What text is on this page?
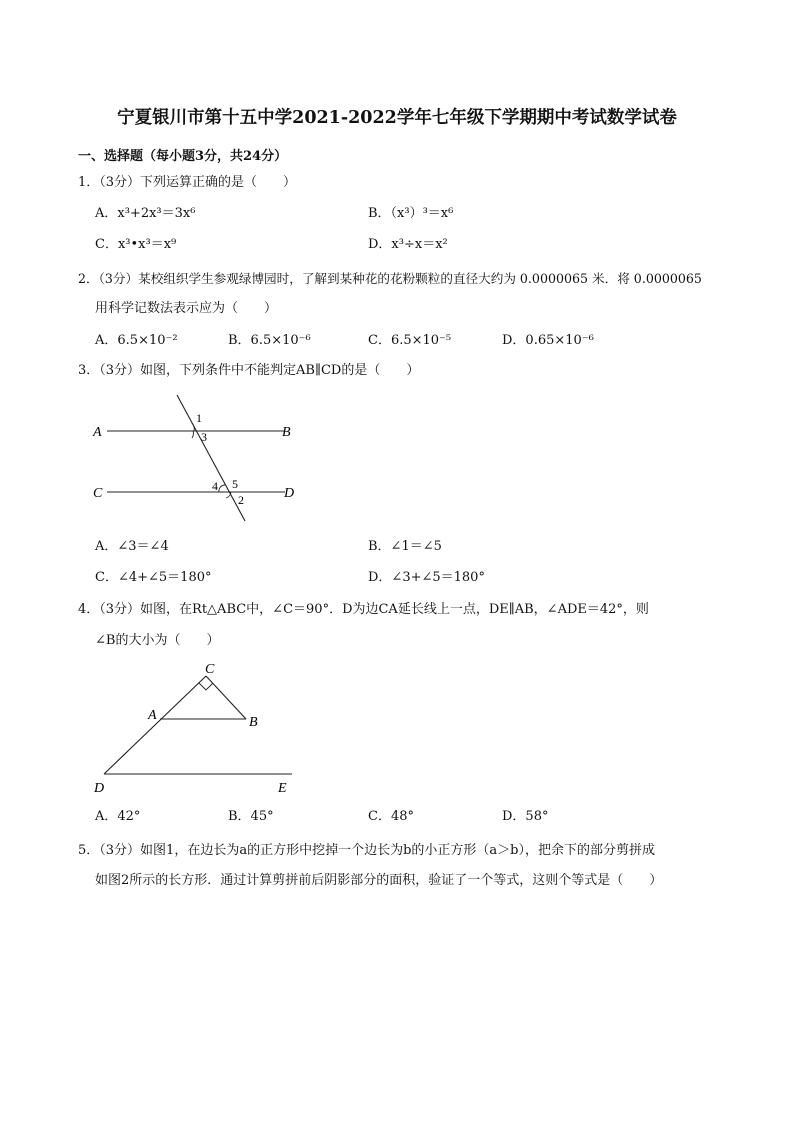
宁夏银川市第十五中学2021-2022学年七年级下学期期中考试数学试卷
一、选择题（每小题3分，共24分）
1．（3分）下列运算正确的是（　　）
A．x³+2x³＝3x⁶	B．（x³）³＝x⁶
C．x³•x³＝x⁹	D．x³÷x＝x²
2．（3分）某校组织学生参观绿博园时，了解到某种花的花粉颗粒的直径大约为 0.0000065 米．将 0.0000065
用科学记数法表示应为（　　）
A．6.5×10⁻²	B．6.5×10⁻⁶	C．6.5×10⁻⁵	D．0.65×10⁻⁶
3．（3分）如图，下列条件中不能判定AB∥CD的是（　　）
A	B
C	D
1
3
4 5
2
A．∠3＝∠4	B．∠1＝∠5
C．∠4+∠5＝180°	D．∠3+∠5＝180°
4．（3分）如图，在Rt△ABC中，∠C＝90°．D为边CA延长线上一点，DE∥AB，∠ADE＝42°，则
∠B的大小为（　　）
C
A	B
D	E
A．42°	B．45°	C．48°	D．58°
5．（3分）如图1，在边长为a的正方形中挖掉一个边长为b的小正方形（a＞b），把余下的部分剪拼成
如图2所示的长方形．通过计算剪拼前后阴影部分的面积，验证了一个等式，这则个等式是（　　）
